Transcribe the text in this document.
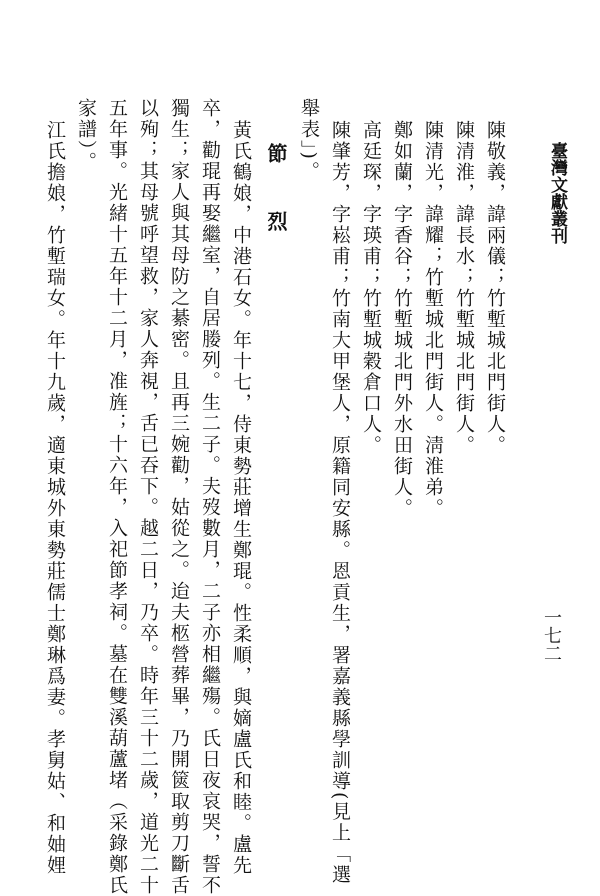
臺灣文獻叢刊
一七二
陳敬義，諱兩儀；竹塹城北門街人。
陳清淮，諱長水；竹塹城北門街人。
陳清光，諱耀；竹塹城北門街人。淸淮弟。
鄭如蘭，字香谷；竹塹城北門外水田街人。
高廷琛，字瑛甫；竹塹城穀倉口人。
陳肇芳，字崧甫；竹南大甲堡人，原籍同安縣。恩貢生，署嘉義縣學訓導(見上「選
舉表」)。
節　烈
黃氏鶴娘，中港石女。年十七，侍東勢莊增生鄭琨。性柔順，與嫡盧氏和睦。盧先
卒，勸琨再娶繼室，自居媵列。生二子。夫歿數月，二子亦相繼殤。氏日夜哀哭，誓不
獨生；家人與其母防之綦密。且再三婉勸，姑從之。迨夫柩營葬畢，乃開篋取剪刀斷舌
以殉；其母號呼望救，家人奔視，舌已吞下。越二日，乃卒。時年三十二歲，道光二十
五年事。光緒十五年十二月，准旌；十六年，入祀節孝祠。墓在雙溪葫蘆堵（采錄鄭氏
家譜）。
江氏擔娘，竹塹瑞女。年十九歲，適東城外東勢莊儒士鄭琳爲妻。孝舅姑、和妯娌
